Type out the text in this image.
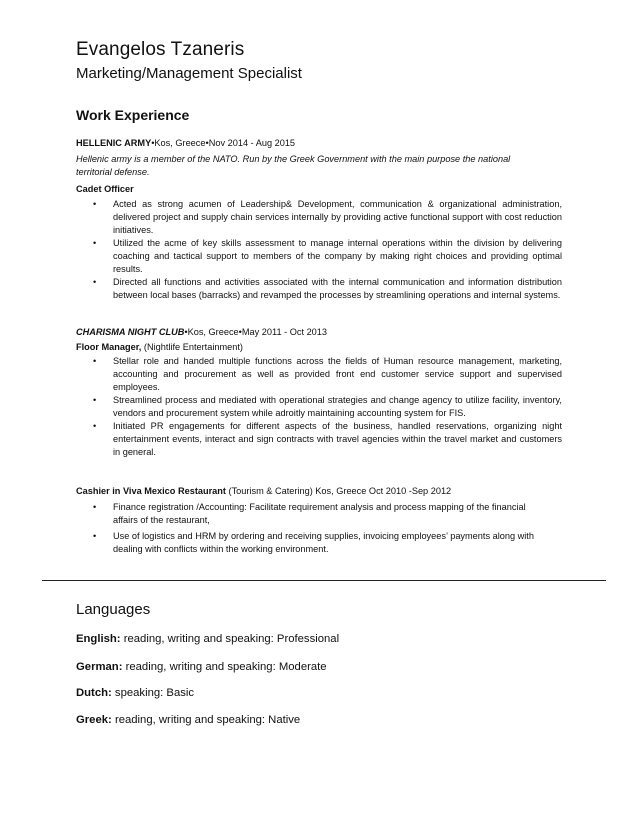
Evangelos Tzaneris
Marketing/Management Specialist
Work Experience
HELLENIC ARMY•Kos, Greece•Nov 2014 - Aug 2015
Hellenic army is a member of the NATO. Run by the Greek Government with the main purpose the national territorial defense.
Cadet Officer
• Acted as strong acumen of Leadership& Development, communication & organizational administration, delivered project and supply chain services internally by providing active functional support with cost reduction initiatives.
• Utilized the acme of key skills assessment to manage internal operations within the division by delivering coaching and tactical support to members of the company by making right choices and providing optimal results.
• Directed all functions and activities associated with the internal communication and information distribution between local bases (barracks) and revamped the processes by streamlining operations and internal systems.
CHARISMA NIGHT CLUB•Kos, Greece•May 2011 - Oct 2013
Floor Manager, (Nightlife Entertainment)
• Stellar role and handed multiple functions across the fields of Human resource management, marketing, accounting and procurement as well as provided front end customer service support and supervised employees.
• Streamlined process and mediated with operational strategies and change agency to utilize facility, inventory, vendors and procurement system while adroitly maintaining accounting system for FIS.
• Initiated PR engagements for different aspects of the business, handled reservations, organizing night entertainment events, interact and sign contracts with travel agencies within the travel market and customers in general.
Cashier in Viva Mexico Restaurant (Tourism & Catering) Kos, Greece Oct 2010 -Sep 2012
• Finance registration /Accounting: Facilitate requirement analysis and process mapping of the financial affairs of the restaurant,
• Use of logistics and HRM by ordering and receiving supplies, invoicing employees’ payments along with dealing with conflicts within the working environment.
Languages
English: reading, writing and speaking: Professional
German: reading, writing and speaking: Moderate
Dutch: speaking: Basic
Greek: reading, writing and speaking: Native
